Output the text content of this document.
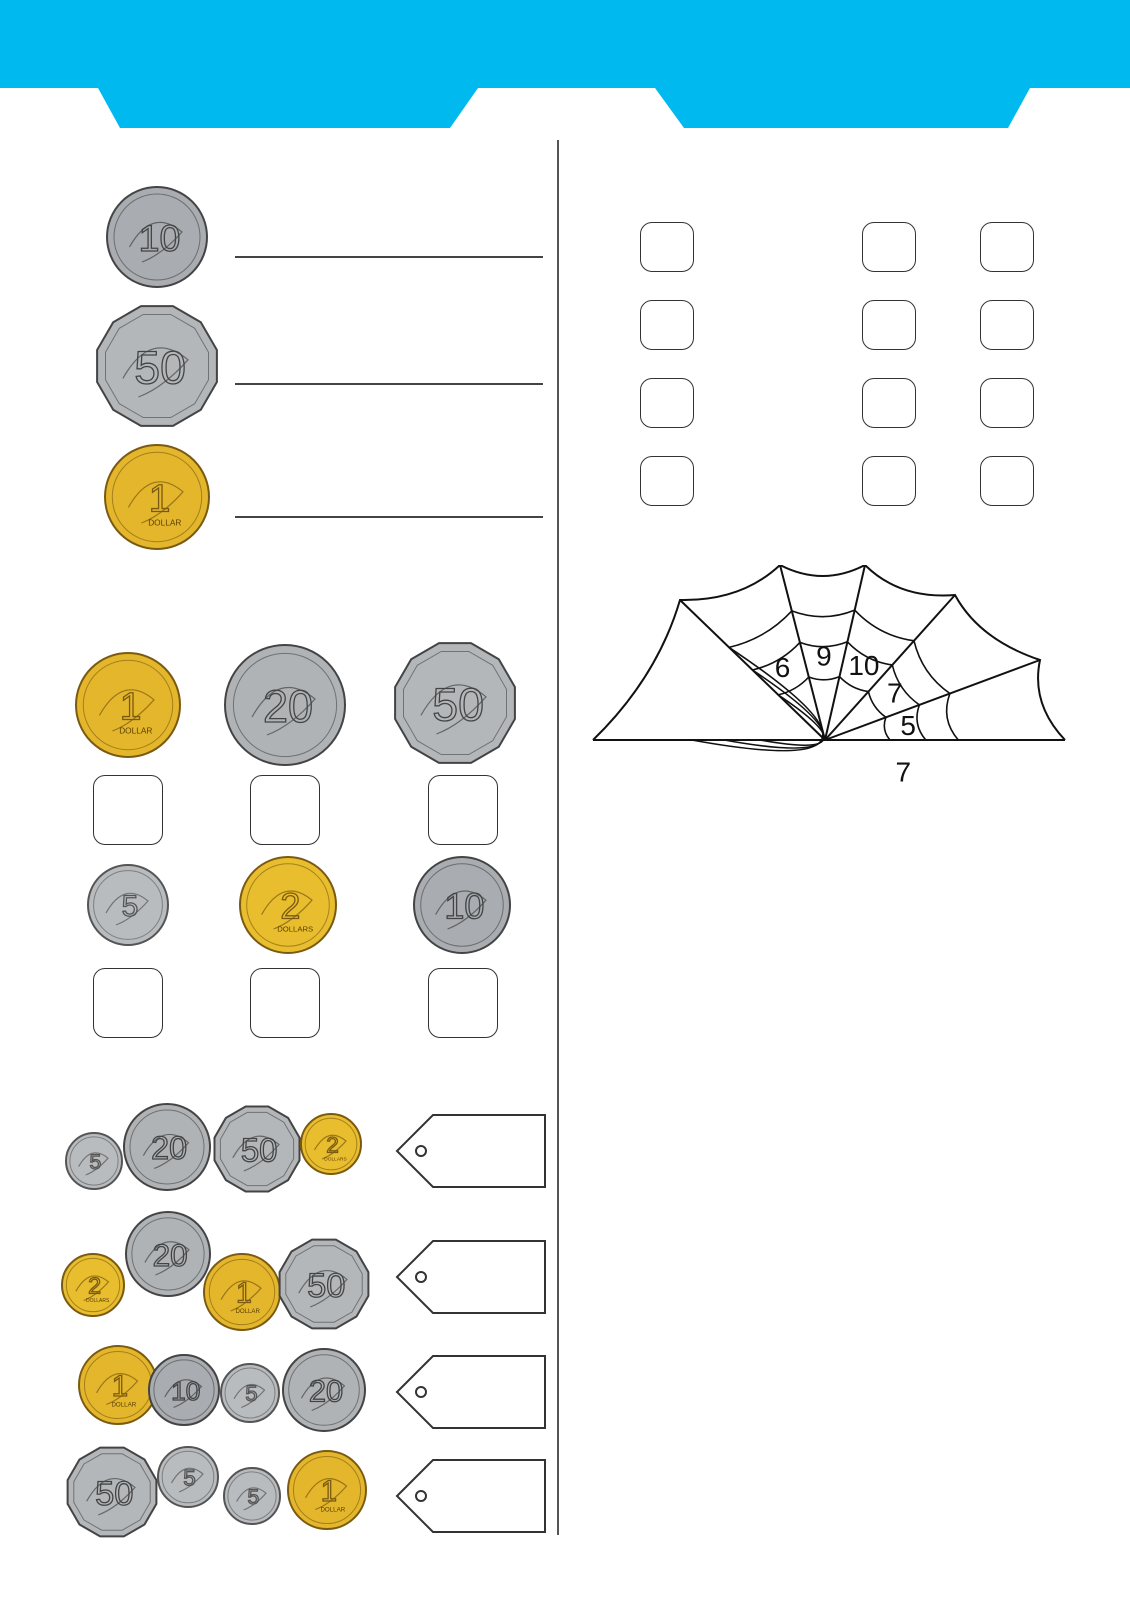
10
50
1
DOLLAR
1
DOLLAR 20	50
5	2
DOLLARS
10
5 20 50 2
DOLLARS
2
DOLLARS
20
1
DOLLAR
50
1
DOLLAR 10 5 20
50 5
5 1
DOLLAR

7
6 9 10
7
5
